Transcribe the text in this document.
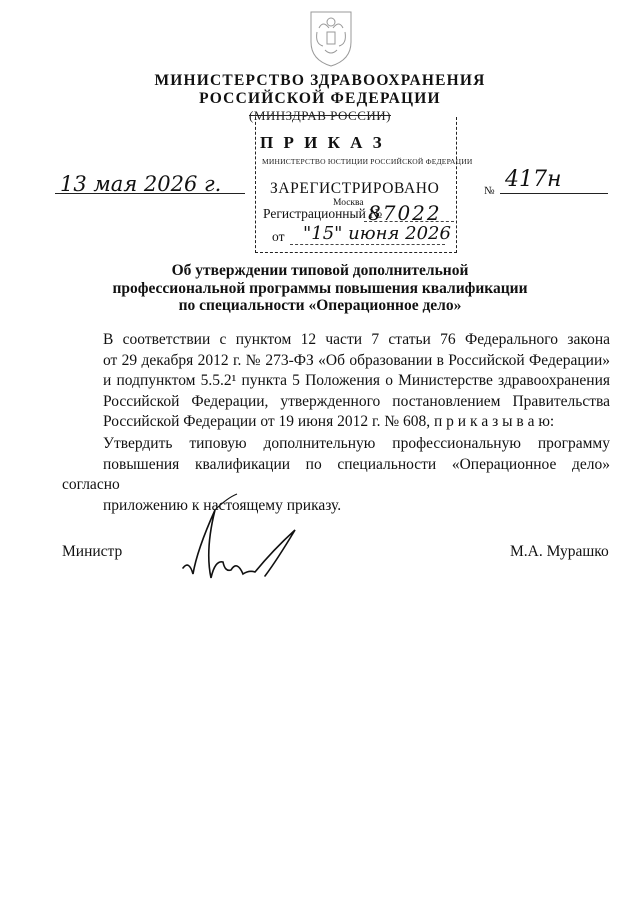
МИНИСТЕРСТВО ЗДРАВООХРАНЕНИЯ
РОССИЙСКОЙ ФЕДЕРАЦИИ
(МИНЗДРАВ РОССИИ)
П Р И К А З
МИНИСТЕРСТВО ЮСТИЦИИ РОССИЙСКОЙ ФЕДЕРАЦИИ
ЗАРЕГИСТРИРОВАНО
Москва
Регистрационный №
87022
от "15" июня 2026
13 мая 2026 г.	№ 417н
Об утверждении типовой дополнительной
профессиональной программы повышения квалификации
по специальности «Операционное дело»
В соответствии с пунктом 12 части 7 статьи 76 Федерального закона
от 29 декабря 2012 г. № 273-ФЗ «Об образовании в Российской Федерации»
и подпунктом 5.5.2¹ пункта 5 Положения о Министерстве здравоохранения
Российской Федерации, утвержденного постановлением Правительства
Российской Федерации от 19 июня 2012 г. № 608, п р и к а з ы в а ю:
Утвердить типовую дополнительную профессиональную программу
повышения квалификации по специальности «Операционное дело» согласно
приложению к настоящему приказу.
Министр	М.А. Мурашко
